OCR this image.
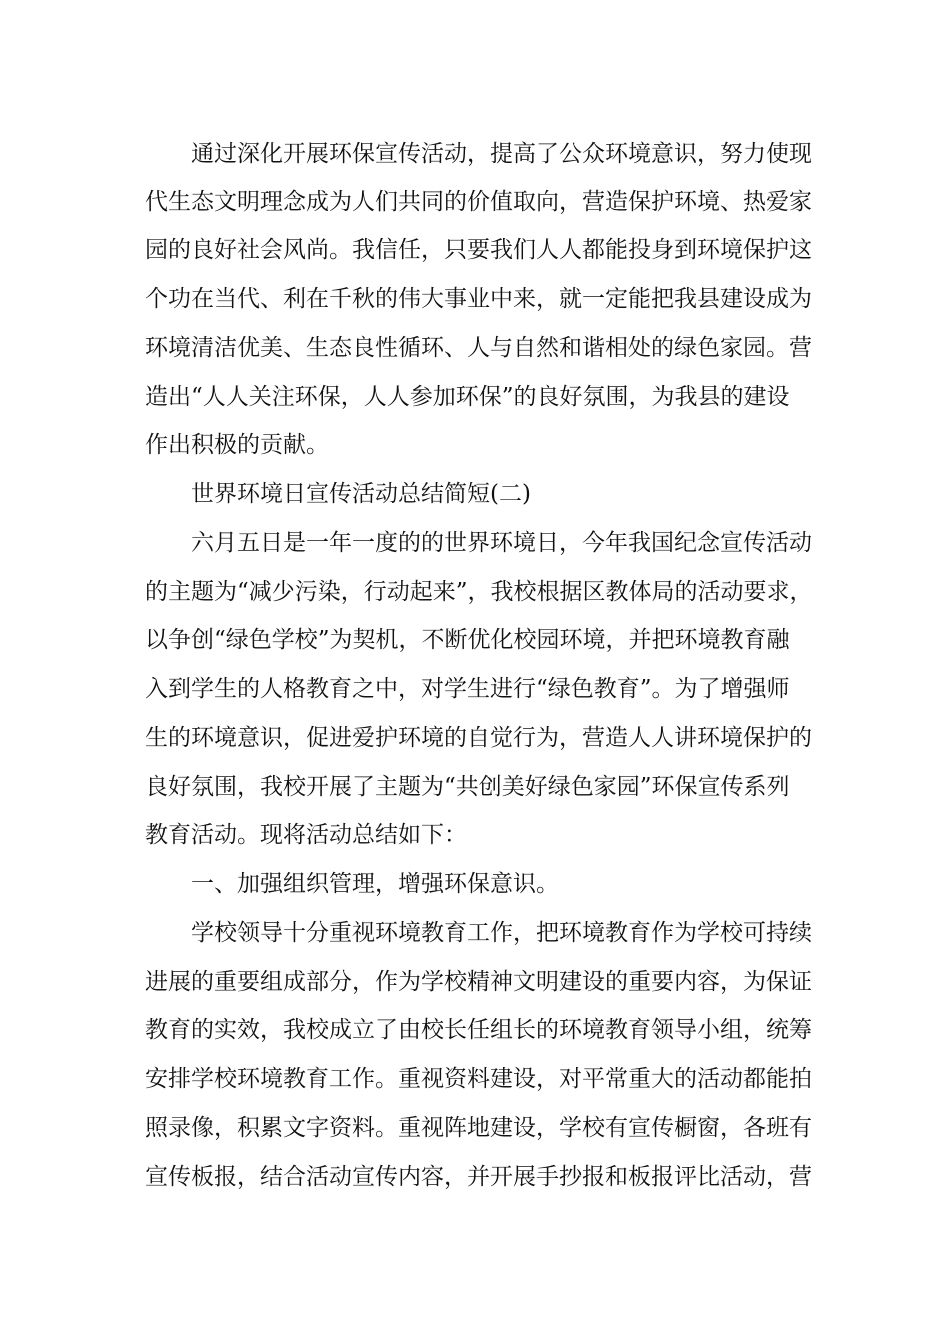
通过深化开展环保宣传活动，提高了公众环境意识，努力使现
代生态文明理念成为人们共同的价值取向，营造保护环境、热爱家
园的良好社会风尚。我信任，只要我们人人都能投身到环境保护这
个功在当代、利在千秋的伟大事业中来，就一定能把我县建设成为
环境清洁优美、生态良性循环、人与自然和谐相处的绿色家园。营
造出“人人关注环保，人人参加环保”的良好氛围，为我县的建设
作出积极的贡献。
世界环境日宣传活动总结简短(二)
六月五日是一年一度的的世界环境日，今年我国纪念宣传活动
的主题为“减少污染，行动起来”，我校根据区教体局的活动要求，
以争创“绿色学校”为契机，不断优化校园环境，并把环境教育融
入到学生的人格教育之中，对学生进行“绿色教育”。为了增强师
生的环境意识，促进爱护环境的自觉行为，营造人人讲环境保护的
良好氛围，我校开展了主题为“共创美好绿色家园”环保宣传系列
教育活动。现将活动总结如下：
一、加强组织管理，增强环保意识。
学校领导十分重视环境教育工作，把环境教育作为学校可持续
进展的重要组成部分，作为学校精神文明建设的重要内容，为保证
教育的实效，我校成立了由校长任组长的环境教育领导小组，统筹
安排学校环境教育工作。重视资料建设，对平常重大的活动都能拍
照录像，积累文字资料。重视阵地建设，学校有宣传橱窗，各班有
宣传板报，结合活动宣传内容，并开展手抄报和板报评比活动，营
